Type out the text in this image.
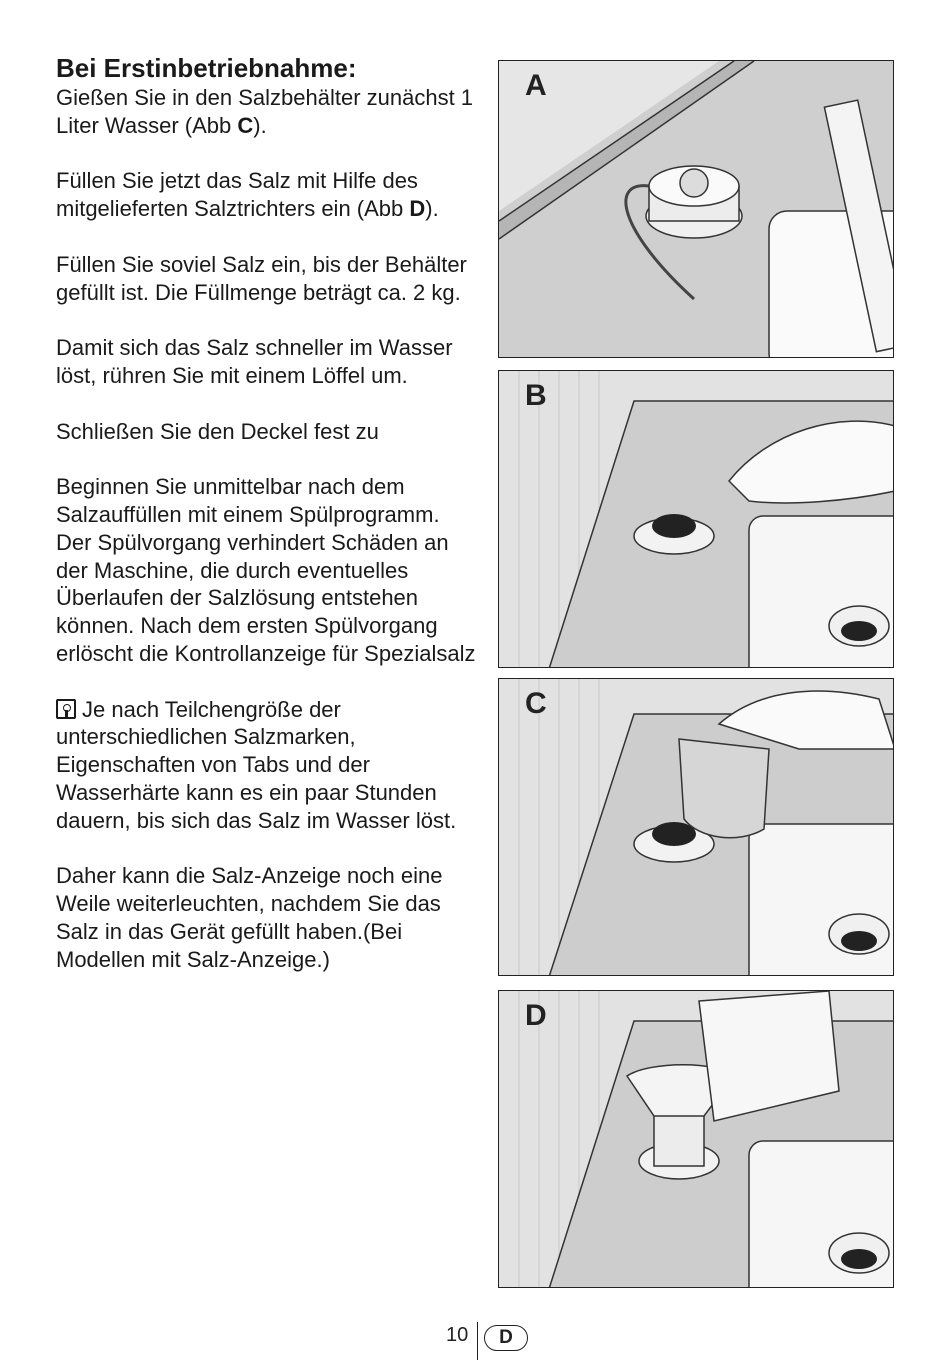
Bei Erstinbetriebnahme:

Gießen Sie in den Salzbehälter zunächst 1 Liter Wasser (Abb C).

Füllen Sie jetzt das Salz mit Hilfe des mitgelieferten Salztrichters ein (Abb D).

Füllen Sie soviel Salz ein, bis der Behälter gefüllt ist. Die Füllmenge beträgt ca. 2 kg.

Damit sich das Salz schneller im Wasser löst, rühren Sie mit einem Löffel um.

Schließen Sie den Deckel fest zu

Beginnen Sie unmittelbar nach dem Salzauffüllen mit einem Spülprogramm. Der Spülvorgang verhindert Schäden an der Maschine, die durch eventuelles Überlaufen der Salzlösung entstehen können. Nach dem ersten Spülvorgang erlöscht die Kontrollanzeige für Spezialsalz

Je nach Teilchengröße der unterschiedlichen Salzmarken, Eigenschaften von Tabs und der Wasserhärte kann es ein paar Stunden dauern, bis sich das Salz im Wasser löst.

Daher kann die Salz-Anzeige noch eine Weile weiterleuchten, nachdem Sie das Salz in das Gerät gefüllt haben.(Bei Modellen mit Salz-Anzeige.)

A
B
C
D
10	D
